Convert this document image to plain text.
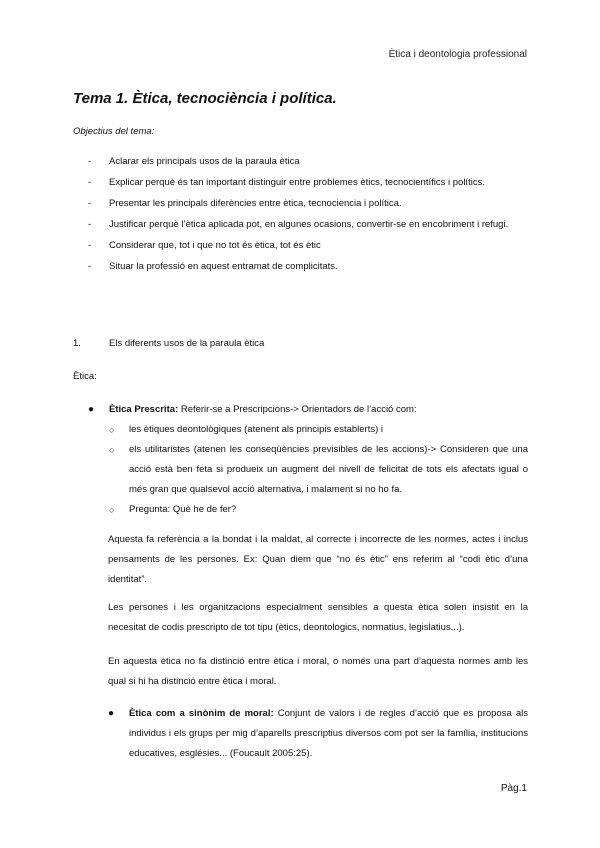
Ètica i deontologia professional
Tema 1. Ètica, tecnociència i política.
Objectius del tema:
- Aclarar els principals usos de la paraula ètica
- Explicar perquè és tan important distinguir entre problemes ètics, tecnocientífics i polítics.
- Presentar les principals diferències entre ètica, tecnociencia i política.
- Justificar perquè l’ètica aplicada pot, en algunes ocasions, convertir-se en encobriment i refugi.
- Considerar que, tot i que no tot és ètica, tot és ètic
- Situar la professió en aquest entramat de complicitats.
1.	Els diferents usos de la paraula ètica
Ètica:
●	Ètica Prescrita: Referir-se a Prescripcions-> Orientadors de l’acció com:
○ les ètiques deontològiques (atenent als principis establerts) i
○ els utilitaristes (atenen les conseqüències previsibles de les accions)-> Consideren que una acció està ben feta si produeix un augment del nivell de felicitat de tots els afectats igual o més gran que qualsevol acció alternativa, i malament si no ho fa.
○ Pregunta: Què he de fer?
Aquesta fa referència a la bondat i la maldat, al correcte i incorrecte de les normes, actes i inclus pensaments de les persones. Ex: Quan diem que “no és ètic” ens referim al “codi ètic d’una identitat”.
Les persones i les organitzacions especialment sensibles a questa ètica solen insistit en la necesitat de codis prescripto de tot tipu (ètics, deontologics, normatius, legislatius...).
En aquesta ètica no fa distinció entre ètica i moral, o només una part d’aquesta normes amb les qual si hi ha distinció entre ètica i moral.
●	Ètica com a sinònim de moral: Conjunt de valors i de regles d’acció que es proposa als individus i els grups per mig d’aparells prescriptius diversos com pot ser la família, institucions educatives, esglésies... (Foucault 2005:25).
Pàg.1
